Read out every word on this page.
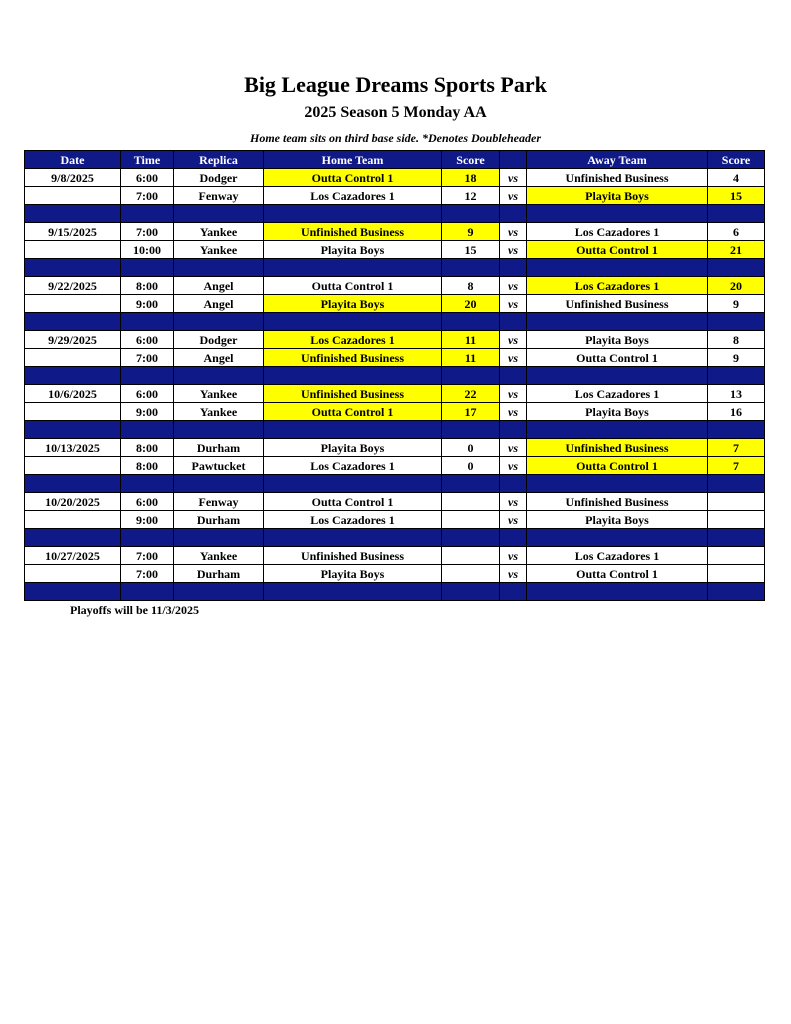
Big League Dreams Sports Park
2025 Season 5 Monday AA
Home team sits on third base side. *Denotes Doubleheader
Date	Time	Replica	Home Team	Score		Away Team	Score
9/8/2025	6:00	Dodger	Outta Control 1	18	vs	Unfinished Business	4
	7:00	Fenway	Los Cazadores 1	12	vs	Playita Boys	15

9/15/2025	7:00	Yankee	Unfinished Business	9	vs	Los Cazadores 1	6
	10:00	Yankee	Playita Boys	15	vs	Outta Control 1	21

9/22/2025	8:00	Angel	Outta Control 1	8	vs	Los Cazadores 1	20
	9:00	Angel	Playita Boys	20	vs	Unfinished Business	9

9/29/2025	6:00	Dodger	Los Cazadores 1	11	vs	Playita Boys	8
	7:00	Angel	Unfinished Business	11	vs	Outta Control 1	9

10/6/2025	6:00	Yankee	Unfinished Business	22	vs	Los Cazadores 1	13
	9:00	Yankee	Outta Control 1	17	vs	Playita Boys	16

10/13/2025	8:00	Durham	Playita Boys	0	vs	Unfinished Business	7
	8:00	Pawtucket	Los Cazadores 1	0	vs	Outta Control 1	7

10/20/2025	6:00	Fenway	Outta Control 1		vs	Unfinished Business	
	9:00	Durham	Los Cazadores 1		vs	Playita Boys	

10/27/2025	7:00	Yankee	Unfinished Business		vs	Los Cazadores 1	
	7:00	Durham	Playita Boys		vs	Outta Control 1	

Playoffs will be 11/3/2025
